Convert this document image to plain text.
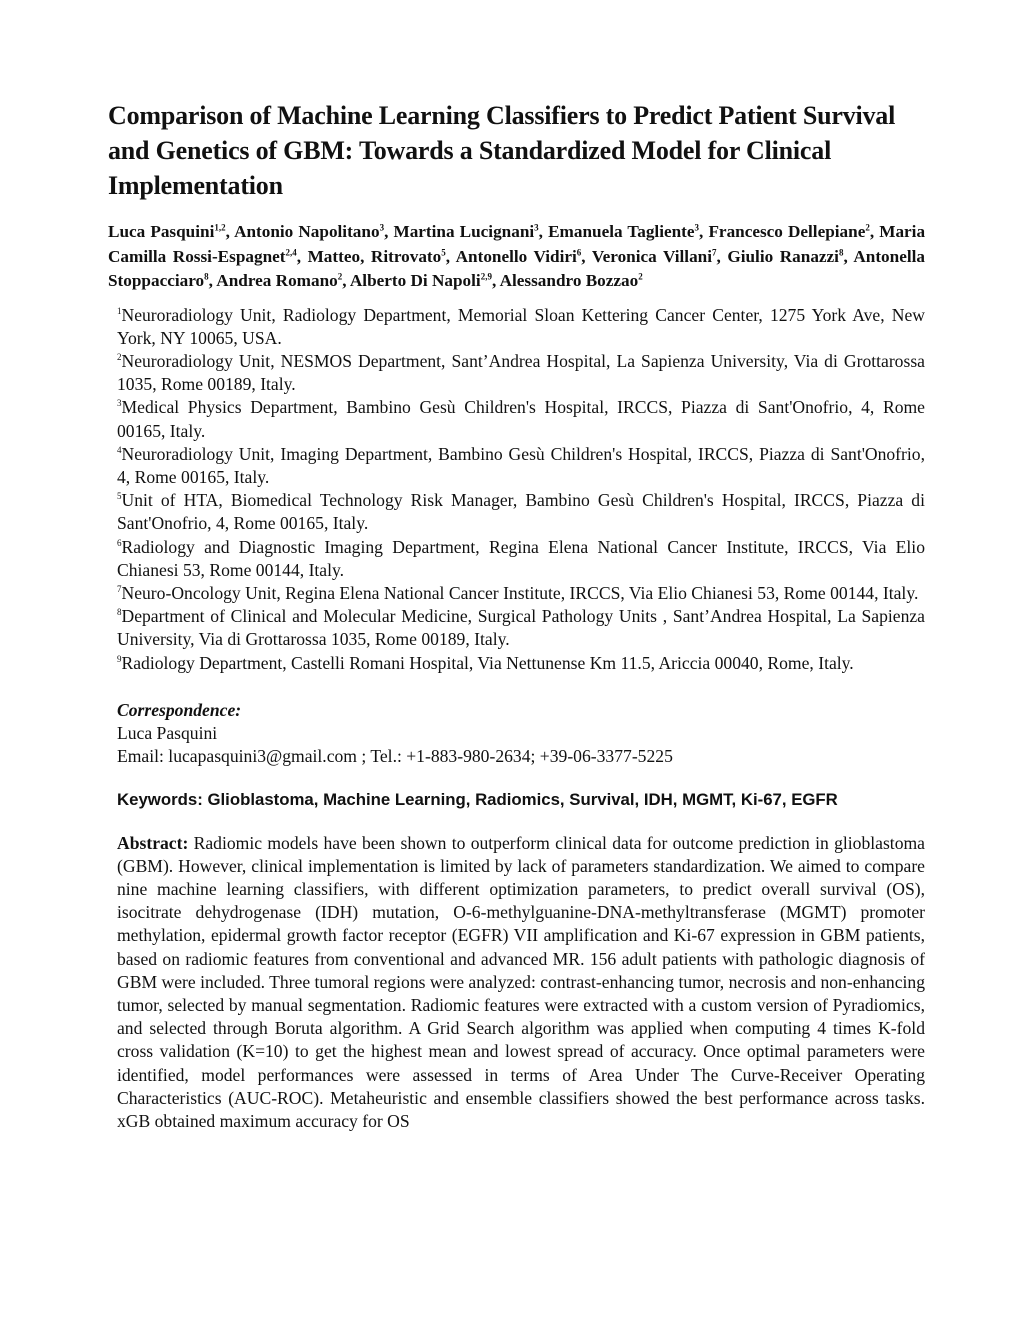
Comparison of Machine Learning Classifiers to Predict Patient Survival and Genetics of GBM: Towards a Standardized Model for Clinical Implementation
Luca Pasquini$^{1,2}$, Antonio Napolitano$^3$, Martina Lucignani$^3$, Emanuela Tagliente$^3$, Francesco Dellepiane$^2$, Maria Camilla Rossi-Espagnet$^{2,4}$, Matteo, Ritrovato$^5$, Antonello Vidiri$^6$, Veronica Villani$^7$, Giulio Ranazzi$^8$, Antonella Stoppacciaro$^8$, Andrea Romano$^2$, Alberto Di Napoli$^{2,9}$, Alessandro Bozzao$^2$

$^1$Neuroradiology Unit, Radiology Department, Memorial Sloan Kettering Cancer Center, 1275 York Ave, New York, NY 10065, USA.

$^2$Neuroradiology Unit, NESMOS Department, Sant’Andrea Hospital, La Sapienza University, Via di Grottarossa 1035, Rome 00189, Italy.

$^3$Medical Physics Department, Bambino Gesù Children's Hospital, IRCCS, Piazza di Sant'Onofrio, 4, Rome 00165, Italy.

$^4$Neuroradiology Unit, Imaging Department, Bambino Gesù Children's Hospital, IRCCS, Piazza di Sant'Onofrio, 4, Rome 00165, Italy.

$^5$Unit of HTA, Biomedical Technology Risk Manager, Bambino Gesù Children's Hospital, IRCCS, Piazza di Sant'Onofrio, 4, Rome 00165, Italy.

$^6$Radiology and Diagnostic Imaging Department, Regina Elena National Cancer Institute, IRCCS, Via Elio Chianesi 53, Rome 00144, Italy.

$^7$Neuro-Oncology Unit, Regina Elena National Cancer Institute, IRCCS, Via Elio Chianesi 53, Rome 00144, Italy.

$^8$Department of Clinical and Molecular Medicine, Surgical Pathology Units , Sant’Andrea Hospital, La Sapienza University, Via di Grottarossa 1035, Rome 00189, Italy.

$^9$Radiology Department, Castelli Romani Hospital, Via Nettunense Km 11.5, Ariccia 00040, Rome, Italy.

Correspondence:
Luca Pasquini
Email: lucapasquini3@gmail.com ; Tel.: +1-883-980-2634; +39-06-3377-5225
Keywords: Glioblastoma, Machine Learning, Radiomics, Survival, IDH, MGMT, Ki-67, EGFR

Abstract: Radiomic models have been shown to outperform clinical data for outcome prediction in glioblastoma (GBM). However, clinical implementation is limited by lack of parameters standardization. We aimed to compare nine machine learning classifiers, with different optimization parameters, to predict overall survival (OS), isocitrate dehydrogenase (IDH) mutation, O-6-methylguanine-DNA-methyltransferase (MGMT) promoter methylation, epidermal growth factor receptor (EGFR) VII amplification and Ki-67 expression in GBM patients, based on radiomic features from conventional and advanced MR. 156 adult patients with pathologic diagnosis of GBM were included. Three tumoral regions were analyzed: contrast-enhancing tumor, necrosis and non-enhancing tumor, selected by manual segmentation. Radiomic features were extracted with a custom version of Pyradiomics, and selected through Boruta algorithm. A Grid Search algorithm was applied when computing 4 times K-fold cross validation (K=10) to get the highest mean and lowest spread of accuracy. Once optimal parameters were identified, model performances were assessed in terms of Area Under The Curve-Receiver Operating Characteristics (AUC-ROC). Metaheuristic and ensemble classifiers showed the best performance across tasks. xGB obtained maximum accuracy for OS
